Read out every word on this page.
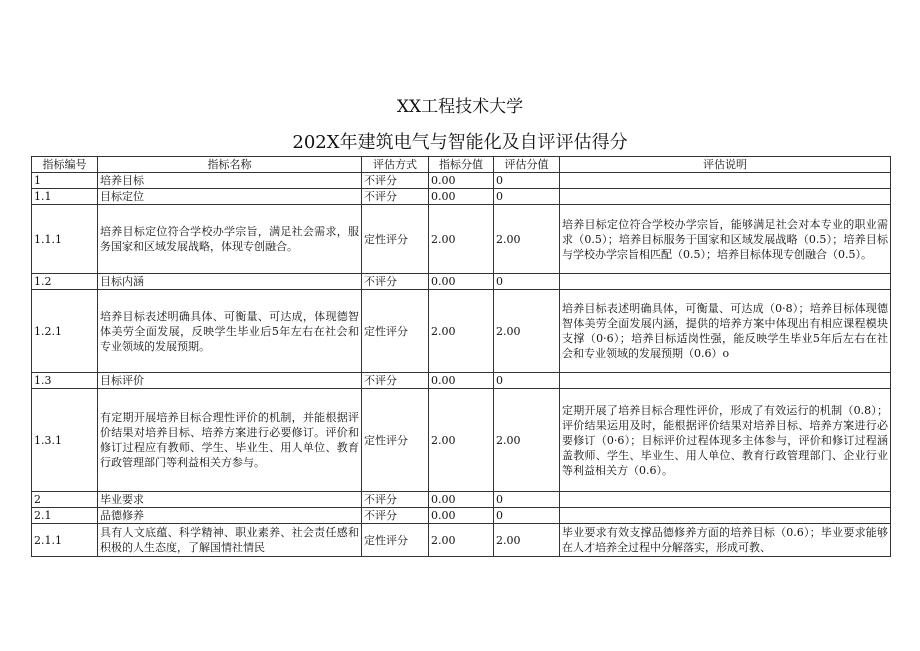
XX工程技术大学
202X年建筑电气与智能化及自评评估得分
指标编号	指标名称	评估方式	指标分值	评估分值	评估说明
1	培养目标	不评分	0.00	0	
1.1	目标定位	不评分	0.00	0	
1.1.1	培养目标定位符合学校办学宗旨，满足社会需求，服务国家和区域发展战略，体现专创融合。	定性评分	2.00	2.00	培养目标定位符合学校办学宗旨，能够满足社会对本专业的职业需求（0.5）；培养目标服务于国家和区域发展战略（0.5）；培养目标与学校办学宗旨相匹配（0.5）；培养目标体现专创融合（0.5）。
1.2	目标内涵	不评分	0.00	0	
1.2.1	培养目标表述明确具体、可衡量、可达成，体现德智体美劳全面发展，反映学生毕业后5年左右在社会和专业领域的发展预期。	定性评分	2.00	2.00	培养目标表述明确具体，可衡量、可达成（0·8）；培养目标体现德智体美劳全面发展内涵，提供的培养方案中体现出有相应课程模块支撑（0·6）；培养目标适岗性强，能反映学生毕业5年后左右在社会和专业领域的发展预期（0.6）o
1.3	目标评价	不评分	0.00	0	
1.3.1	有定期开展培养目标合理性评价的机制，并能根据评价结果对培养目标、培养方案进行必要修订。评价和修订过程应有教师、学生、毕业生、用人单位、教育行政管理部门等利益相关方参与。	定性评分	2.00	2.00	定期开展了培养目标合理性评价，形成了有效运行的机制（0.8）；评价结果运用及时，能根据评价结果对培养目标、培养方案进行必要修订（0·6）；目标评价过程体现多主体参与，评价和修订过程涵盖教师、学生、毕业生、用人单位、教育行政管理部门、企业行业等利益相关方（0.6）。
2	毕业要求	不评分	0.00	0	
2.1	品德修养	不评分	0.00	0	
2.1.1	具有人文底蕴、科学精神、职业素养、社会责任感和积极的人生态度，了解国情社情民	定性评分	2.00	2.00	毕业要求有效支撑品德修养方面的培养目标（0.6）；毕业要求能够在人才培养全过程中分解落实，形成可教、
